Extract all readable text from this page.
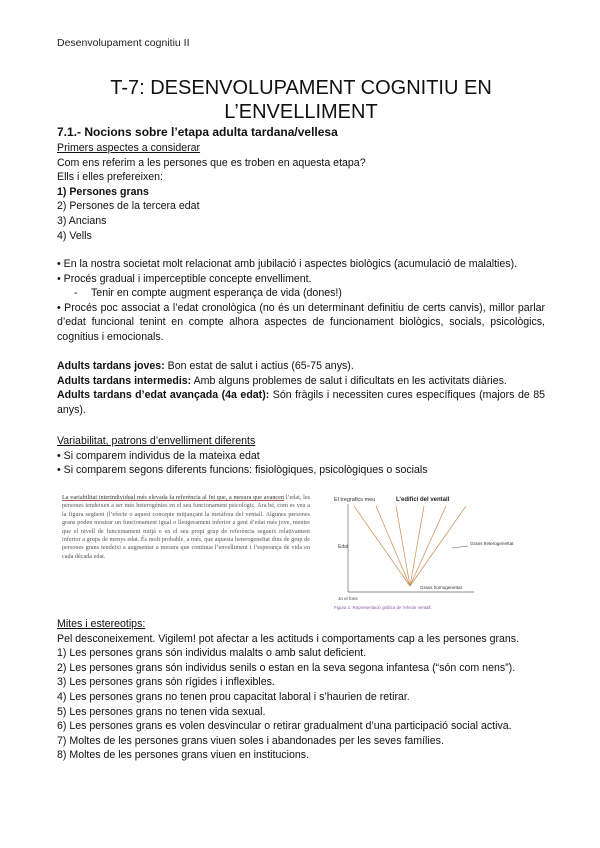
Desenvolupament cognitiu II
T-7: DESENVOLUPAMENT COGNITIU EN
L’ENVELLIMENT
7.1.- Nocions sobre l’etapa adulta tardana/vellesa
Primers aspectes a considerar
Com ens referim a les persones que es troben en aquesta etapa?
Ells i elles prefereixen:
1) Persones grans
2) Persones de la tercera edat
3) Ancians
4) Vells
• En la nostra societat molt relacionat amb jubilació i aspectes biològics (acumulació de malalties).
• Procés gradual i imperceptible concepte envelliment.
- Tenir en compte augment esperança de vida (dones!)
• Procés poc associat a l’edat cronològica (no és un determinant definitiu de certs canvis), millor parlar d’edat funcional tenint en compte alhora aspectes de funcionament biològics, socials, psicològics, cognitius i emocionals.
Adults tardans joves: Bon estat de salut i actius (65-75 anys).
Adults tardans intermedis: Amb alguns problemes de salut i dificultats en les activitats diàries.
Adults tardans d’edat avançada (4a edat): Són fràgils i necessiten cures específiques (majors de 85 anys).
Variabilitat, patrons d’envelliment diferents
• Si comparem individus de la mateixa edat
• Si comparem segons diferents funcions: fisiològiques, psicològiques o socials
La variabilitat interindividual més elevada fa referència al fet que, a mesura que avancen l’edat, les persones tendeixen a ser més heterogènies en el seu funcionament psicològic. Ara bé, com es veu a la figura següent (l’efecte o aquest concepte mitjançant la metàfora del ventall. Algunes persones grans poden mostrar un funcionament igual o lleugerament inferior a gent d’edat més jove, mentre que el nivell de funcionament mitjà o en el seu propi grup de referència segueix relativament inferior a grups de menys edat. És molt probable, a més, que aquesta heterogeneïtat dins de grup de persones grans tendeixi a augmentar a mesura que continua l’envelliment i l’esperança de vida en cada dècada edat.
El tregrafics meu	L’edifici del ventall
Edat
Grans heterogeneïtat
Grans homogeneïtat
Jo el fons
Figura 1. Representació gràfica de l’efecte ventall.
Mites i estereotips:
Pel desconeixement. Vigilem! pot afectar a les actituds i comportaments cap a les persones grans.
1) Les persones grans són individus malalts o amb salut deficient.
2) Les persones grans són individus senils o estan en la seva segona infantesa (“són com nens”).
3) Les persones grans són rígides i inflexibles.
4) Les persones grans no tenen prou capacitat laboral i s’haurien de retirar.
5) Les persones grans no tenen vida sexual.
6) Les persones grans es volen desvincular o retirar gradualment d’una participació social activa.
7) Moltes de les persones grans viuen soles i abandonades per les seves famílies.
8) Moltes de les persones grans viuen en institucions.
